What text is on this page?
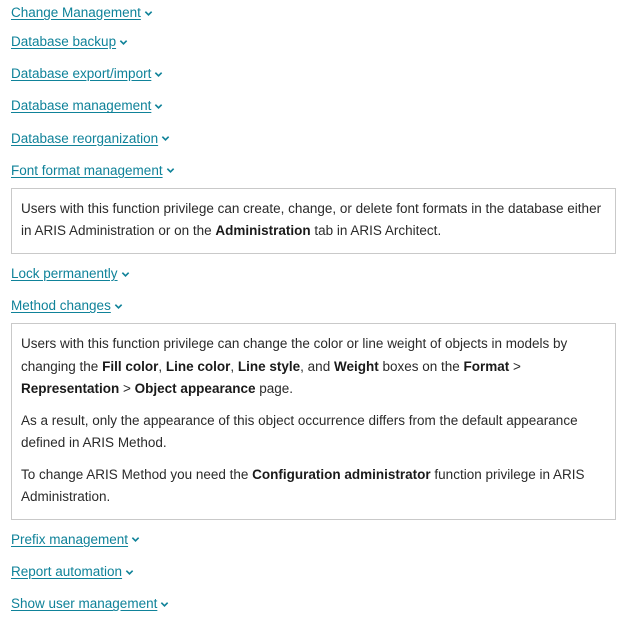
Change Management
Database backup
Database export/import
Database management
Database reorganization
Font format management

Users with this function privilege can create, change, or delete font formats in the database either in ARIS Administration or on the Administration tab in ARIS Architect.

Lock permanently
Method changes

Users with this function privilege can change the color or line weight of objects in models by changing the Fill color, Line color, Line style, and Weight boxes on the Format > Representation > Object appearance page.

As a result, only the appearance of this object occurrence differs from the default appearance defined in ARIS Method.

To change ARIS Method you need the Configuration administrator function privilege in ARIS Administration.

Prefix management
Report automation
Show user management
